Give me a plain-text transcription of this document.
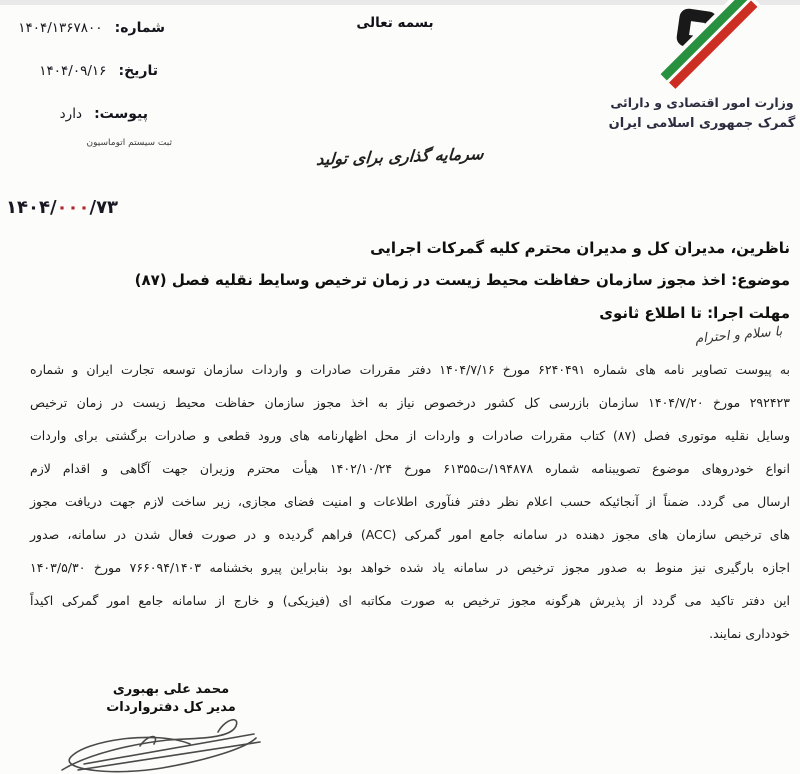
شماره: ۱۴۰۴/۱۳۶۷۸۰۰
تاریخ: ۱۴۰۴/۰۹/۱۶
پیوست: دارد
ثبت سیستم اتوماسیون
بسمه تعالی
وزارت امور اقتصادی و دارائی
گمرک جمهوری اسلامی ایران
سرمایه گذاری برای تولید
۱۴۰۴/۰۰۰/۷۳
ناظرین، مدیران کل و مدیران محترم کلیه گمرکات اجرایی
موضوع: اخذ مجوز سازمان حفاظت محیط زیست در زمان ترخیص وسایط نقلیه فصل (۸۷)
مهلت اجرا: تا اطلاع ثانوی
با سلام و احترام
به پیوست تصاویر نامه های شماره ۶۲۴۰۴۹۱ مورخ ۱۴۰۴/۷/۱۶ دفتر مقررات صادرات و واردات سازمان توسعه تجارت ایران و شماره
۲۹۲۴۲۳ مورخ ۱۴۰۴/۷/۲۰ سازمان بازرسی کل کشور درخصوص نیاز به اخذ مجوز سازمان حفاظت محیط زیست در زمان ترخیص
وسایل نقلیه موتوری فصل (۸۷) کتاب مقررات صادرات و واردات از محل اظهارنامه های ورود قطعی و صادرات برگشتی برای واردات
انواع خودروهای موضوع تصویبنامه شماره ۱۹۴۸۷۸/ت۶۱۳۵۵ مورخ ۱۴۰۲/۱۰/۲۴ هیأت محترم وزیران جهت آگاهی و اقدام لازم
ارسال می گردد. ضمناً از آنجائیکه حسب اعلام نظر دفتر فنآوری اطلاعات و امنیت فضای مجازی، زیر ساخت لازم جهت دریافت مجوز
های ترخیص سازمان های مجوز دهنده در سامانه جامع امور گمرکی (ACC) فراهم گردیده و در صورت فعال شدن در سامانه، صدور
اجازه بارگیری نیز منوط به صدور مجوز ترخیص در سامانه یاد شده خواهد بود بنابراین پیرو بخشنامه ۷۶۶۰۹۴/۱۴۰۳ مورخ ۱۴۰۳/۵/۳۰
این دفتر تاکید می گردد از پذیرش هرگونه مجوز ترخیص به صورت مکاتبه ای (فیزیکی) و خارج از سامانه جامع امور گمرکی اکیداً
خودداری نمایند.
محمد علی بهبوری
مدیر کل دفترواردات
